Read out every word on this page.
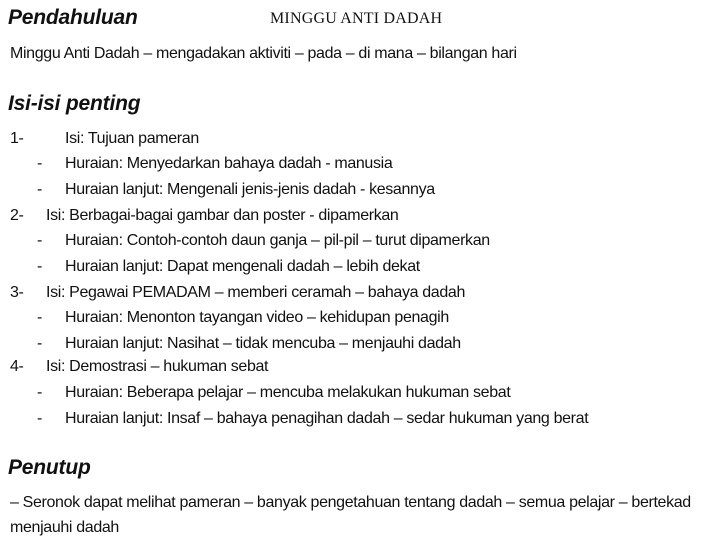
MINGGU ANTI DADAH
Pendahuluan
Minggu Anti Dadah – mengadakan aktiviti – pada – di mana – bilangan hari
Isi-isi penting
1-	Isi: Tujuan pameran
- Huraian: Menyedarkan bahaya dadah - manusia
- Huraian lanjut: Mengenali jenis-jenis dadah - kesannya
2- Isi: Berbagai-bagai gambar dan poster - dipamerkan
- Huraian: Contoh-contoh daun ganja – pil-pil – turut dipamerkan
- Huraian lanjut: Dapat mengenali dadah – lebih dekat
3- Isi: Pegawai PEMADAM – memberi ceramah – bahaya dadah
- Huraian: Menonton tayangan video – kehidupan penagih
- Huraian lanjut: Nasihat – tidak mencuba – menjauhi dadah
4- Isi: Demostrasi – hukuman sebat
- Huraian: Beberapa pelajar – mencuba melakukan hukuman sebat
- Huraian lanjut: Insaf – bahaya penagihan dadah – sedar hukuman yang berat
Penutup
– Seronok dapat melihat pameran – banyak pengetahuan tentang dadah – semua pelajar – bertekad
menjauhi dadah
